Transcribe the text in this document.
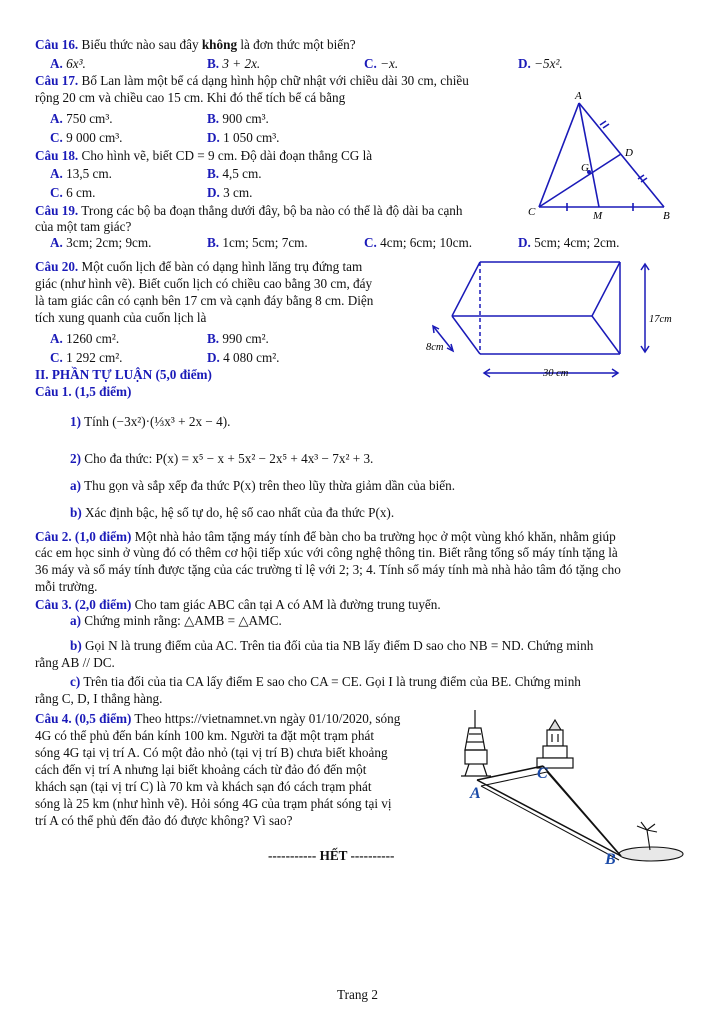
Câu 16. Biểu thức nào sau đây không là đơn thức một biến?
A. 6x³.	B. 3 + 2x.	C. −x.	D. −5x².
Câu 17. Bố Lan làm một bể cá dạng hình hộp chữ nhật với chiều dài 30 cm, chiều
rộng 20 cm và chiều cao 15 cm. Khi đó thể tích bể cá bằng
A. 750 cm³.	B. 900 cm³.
C. 9 000 cm³.	D. 1 050 cm³.
Câu 18. Cho hình vẽ, biết CD = 9 cm. Độ dài đoạn thẳng CG là
A. 13,5 cm.	B. 4,5 cm.
C. 6 cm.	D. 3 cm.
A
D
G
C	M	B
Câu 19. Trong các bộ ba đoạn thẳng dưới đây, bộ ba nào có thể là độ dài ba cạnh
của một tam giác?
A. 3cm; 2cm; 9cm.	B. 1cm; 5cm; 7cm.	C. 4cm; 6cm; 10cm.	D. 5cm; 4cm; 2cm.
Câu 20. Một cuốn lịch để bàn có dạng hình lăng trụ đứng tam
giác (như hình vẽ). Biết cuốn lịch có chiều cao bằng 30 cm, đáy
là tam giác cân có cạnh bên 17 cm và cạnh đáy bằng 8 cm. Diện
tích xung quanh của cuốn lịch là
A. 1260 cm².	B. 990 cm².
C. 1 292 cm².	D. 4 080 cm².
17cm
8cm
30 cm
II. PHẦN TỰ LUẬN (5,0 điểm)
Câu 1. (1,5 điểm)
1) Tính (−3x²)·(⅓x³ + 2x − 4).
2) Cho đa thức: P(x) = x⁵ − x + 5x² − 2x⁵ + 4x³ − 7x² + 3.
a) Thu gọn và sắp xếp đa thức P(x) trên theo lũy thừa giảm dần của biến.
b) Xác định bậc, hệ số tự do, hệ số cao nhất của đa thức P(x).
Câu 2. (1,0 điểm) Một nhà hảo tâm tặng máy tính để bàn cho ba trường học ở một vùng khó khăn, nhằm giúp
các em học sinh ở vùng đó có thêm cơ hội tiếp xúc với công nghệ thông tin. Biết rằng tổng số máy tính tặng là
36 máy và số máy tính được tặng của các trường tỉ lệ với 2; 3; 4. Tính số máy tính mà nhà hảo tâm đó tặng cho
mỗi trường.
Câu 3. (2,0 điểm) Cho tam giác ABC cân tại A có AM là đường trung tuyến.
a) Chứng minh rằng: △AMB = △AMC.
b) Gọi N là trung điểm của AC. Trên tia đối của tia NB lấy điểm D sao cho NB = ND. Chứng minh
rằng AB // DC.
c) Trên tia đối của tia CA lấy điểm E sao cho CA = CE. Gọi I là trung điểm của BE. Chứng minh
rằng C, D, I thẳng hàng.
Câu 4. (0,5 điểm) Theo https://vietnamnet.vn ngày 01/10/2020, sóng
4G có thể phủ đến bán kính 100 km. Người ta đặt một trạm phát
sóng 4G tại vị trí A. Có một đảo nhỏ (tại vị trí B) chưa biết khoảng
cách đến vị trí A nhưng lại biết khoảng cách từ đảo đó đến một
khách sạn (tại vị trí C) là 70 km và khách sạn đó cách trạm phát
sóng là 25 km (như hình vẽ). Hỏi sóng 4G của trạm phát sóng tại vị
trí A có thể phủ đến đảo đó được không? Vì sao?
A
C
B
----------- HẾT ----------
Trang 2
